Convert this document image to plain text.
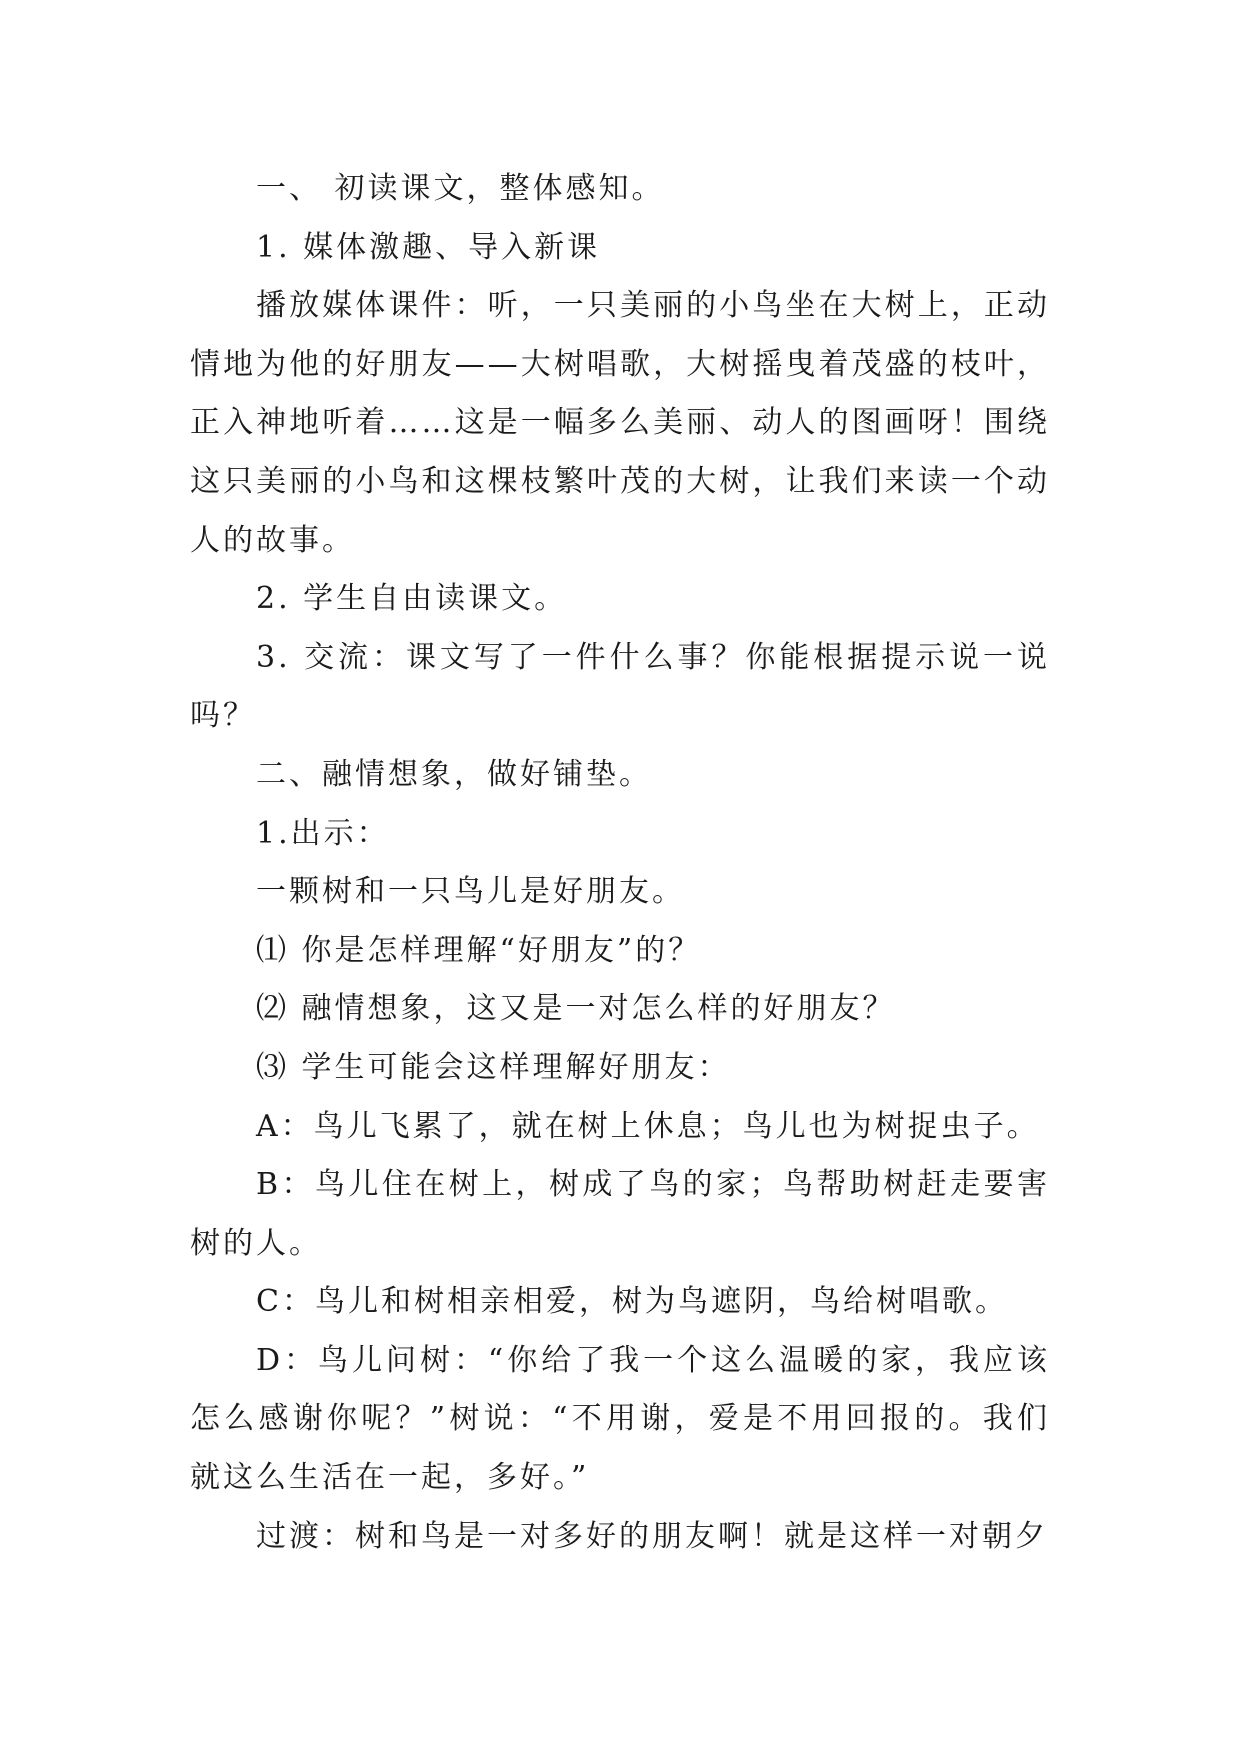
一、 初读课文，整体感知。

1. 媒体激趣、导入新课

播放媒体课件：听，一只美丽的小鸟坐在大树上，正动情地为他的好朋友——大树唱歌，大树摇曳着茂盛的枝叶，正入神地听着……这是一幅多么美丽、动人的图画呀！围绕这只美丽的小鸟和这棵枝繁叶茂的大树，让我们来读一个动人的故事。

2. 学生自由读课文。

3. 交流：课文写了一件什么事？你能根据提示说一说吗？

二、融情想象，做好铺垫。

1.出示：

一颗树和一只鸟儿是好朋友。

⑴ 你是怎样理解“好朋友”的？

⑵ 融情想象，这又是一对怎么样的好朋友？

⑶ 学生可能会这样理解好朋友：

A：鸟儿飞累了，就在树上休息；鸟儿也为树捉虫子。

B：鸟儿住在树上，树成了鸟的家；鸟帮助树赶走要害树的人。

C：鸟儿和树相亲相爱，树为鸟遮阴，鸟给树唱歌。

D：鸟儿问树：“你给了我一个这么温暖的家，我应该怎么感谢你呢？”树说：“不用谢，爱是不用回报的。我们就这么生活在一起，多好。”

过渡：树和鸟是一对多好的朋友啊！就是这样一对朝夕
